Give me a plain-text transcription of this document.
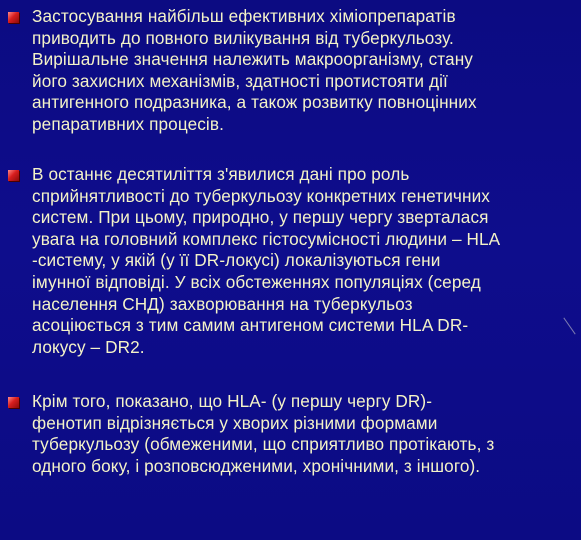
Застосування найбільш ефективних хіміопрепаратів
приводить до повного вилікування від туберкульозу.
Вирішальне значення належить макроорганізму, стану
його захисних механізмів, здатності протистояти дії
антигенного подразника, а також розвитку повноцінних
репаративних процесів.

В останнє десятиліття з'явилися дані про роль
сприйнятливості до туберкульозу конкретних генетичних
систем. При цьому, природно, у першу чергу зверталася
увага на головний комплекс гістосумісності людини – HLA
-систему, у якій (у її DR-локусі) локалізуються гени
імунної відповіді. У всіх обстеженнях популяціях (серед
населення СНД) захворювання на туберкульоз
асоціюється з тим самим антигеном системи HLA DR-
локусу – DR2.

Крім того, показано, що HLA- (у першу чергу DR)-
фенотип відрізняється у хворих різними формами
туберкульозу (обмеженими, що сприятливо протікають, з
одного боку, і розповсюдженими, хронічними, з іншого).
